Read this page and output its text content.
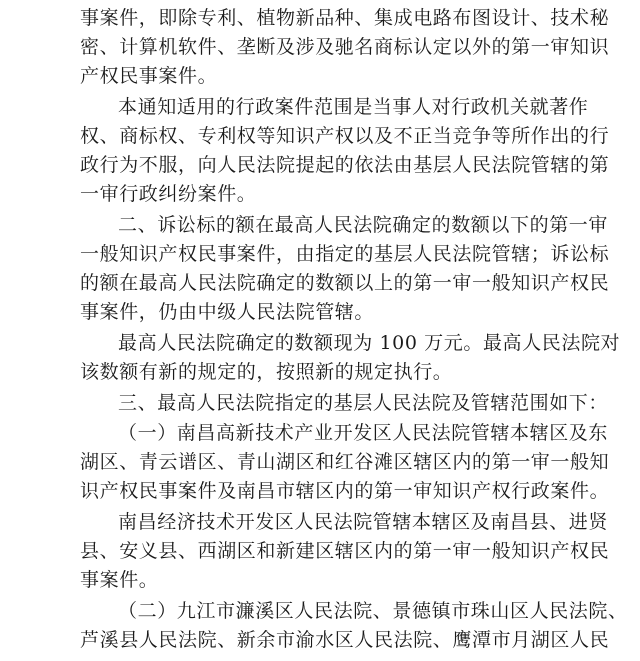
事案件，即除专利、植物新品种、集成电路布图设计、技术秘
密、计算机软件、垄断及涉及驰名商标认定以外的第一审知识
产权民事案件。
本通知适用的行政案件范围是当事人对行政机关就著作
权、商标权、专利权等知识产权以及不正当竞争等所作出的行
政行为不服，向人民法院提起的依法由基层人民法院管辖的第
一审行政纠纷案件。
二、诉讼标的额在最高人民法院确定的数额以下的第一审
一般知识产权民事案件，由指定的基层人民法院管辖；诉讼标
的额在最高人民法院确定的数额以上的第一审一般知识产权民
事案件，仍由中级人民法院管辖。
最高人民法院确定的数额现为 100 万元。最高人民法院对
该数额有新的规定的，按照新的规定执行。
三、最高人民法院指定的基层人民法院及管辖范围如下：
（一）南昌高新技术产业开发区人民法院管辖本辖区及东
湖区、青云谱区、青山湖区和红谷滩区辖区内的第一审一般知
识产权民事案件及南昌市辖区内的第一审知识产权行政案件。
南昌经济技术开发区人民法院管辖本辖区及南昌县、进贤
县、安义县、西湖区和新建区辖区内的第一审一般知识产权民
事案件。
（二）九江市濂溪区人民法院、景德镇市珠山区人民法院、
芦溪县人民法院、新余市渝水区人民法院、鹰潭市月湖区人民
